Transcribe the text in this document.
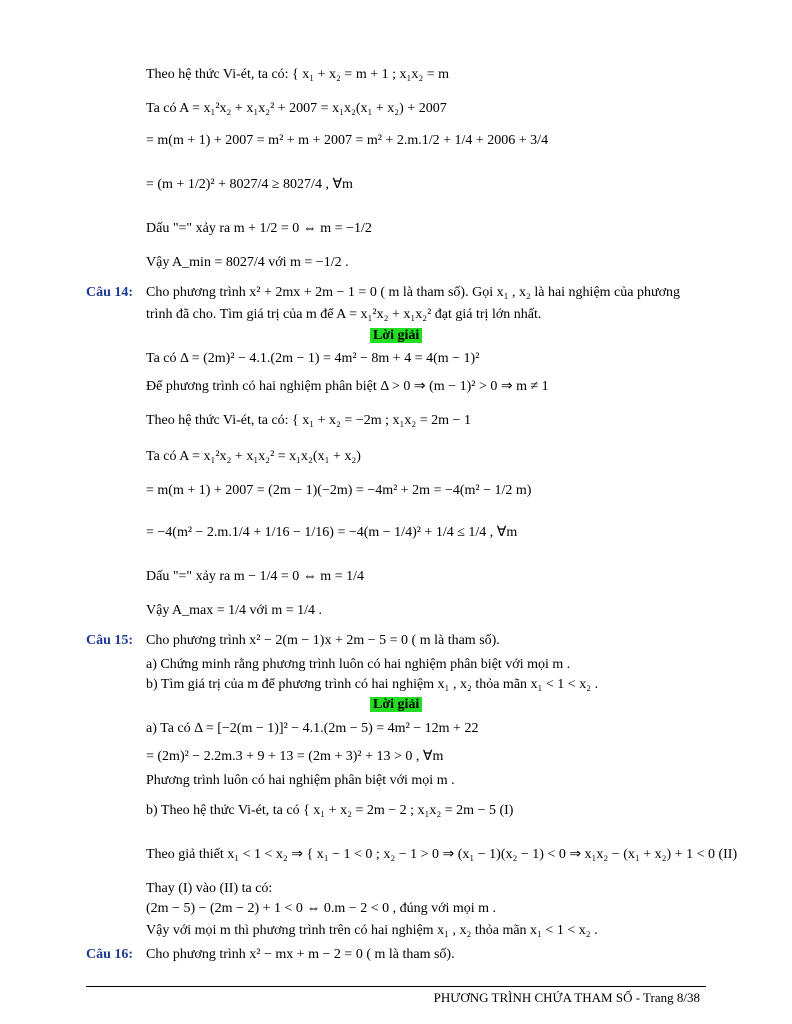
Theo hệ thức Vi-ét, ta có: { x₁ + x₂ = m + 1 ; x₁x₂ = m
Ta có A = x₁²x₂ + x₁x₂² + 2007 = x₁x₂(x₁ + x₂) + 2007
= m(m + 1) + 2007 = m² + m + 2007 = m² + 2.m.1/2 + 1/4 + 2006 + 3/4
= (m + 1/2)² + 8027/4 ≥ 8027/4 , ∀m
Dấu "=" xảy ra m + 1/2 = 0 ⇔ m = −1/2
Vậy A_min = 8027/4 với m = −1/2 .
Câu 14: Cho phương trình x² + 2mx + 2m − 1 = 0 ( m là tham số). Gọi x₁ , x₂ là hai nghiệm của phương
trình đã cho. Tìm giá trị của m để A = x₁²x₂ + x₁x₂² đạt giá trị lớn nhất.
Lời giải
Ta có Δ = (2m)² − 4.1.(2m − 1) = 4m² − 8m + 4 = 4(m − 1)²
Để phương trình có hai nghiệm phân biệt Δ > 0 ⇒ (m − 1)² > 0 ⇒ m ≠ 1
Theo hệ thức Vi-ét, ta có: { x₁ + x₂ = −2m ; x₁x₂ = 2m − 1
Ta có A = x₁²x₂ + x₁x₂² = x₁x₂(x₁ + x₂)
= m(m + 1) + 2007 = (2m − 1)(−2m) = −4m² + 2m = −4(m² − 1/2 m)
= −4(m² − 2.m.1/4 + 1/16 − 1/16) = −4(m − 1/4)² + 1/4 ≤ 1/4 , ∀m
Dấu "=" xảy ra m − 1/4 = 0 ⇔ m = 1/4
Vậy A_max = 1/4 với m = 1/4 .
Câu 15: Cho phương trình x² − 2(m − 1)x + 2m − 5 = 0 ( m là tham số).
a) Chứng minh rằng phương trình luôn có hai nghiệm phân biệt với mọi m .
b) Tìm giá trị của m để phương trình có hai nghiệm x₁ , x₂ thỏa mãn x₁ < 1 < x₂ .
Lời giải
a) Ta có Δ = [−2(m − 1)]² − 4.1.(2m − 5) = 4m² − 12m + 22
= (2m)² − 2.2m.3 + 9 + 13 = (2m + 3)² + 13 > 0 , ∀m
Phương trình luôn có hai nghiệm phân biệt với mọi m .
b) Theo hệ thức Vi-ét, ta có { x₁ + x₂ = 2m − 2 ; x₁x₂ = 2m − 5 (I)
Theo giả thiết x₁ < 1 < x₂ ⇒ { x₁ − 1 < 0 ; x₂ − 1 > 0 ⇒ (x₁ − 1)(x₂ − 1) < 0 ⇒ x₁x₂ − (x₁ + x₂) + 1 < 0 (II)
Thay (I) vào (II) ta có:
(2m − 5) − (2m − 2) + 1 < 0 ⇔ 0.m − 2 < 0 , đúng với mọi m .
Vậy với mọi m thì phương trình trên có hai nghiệm x₁ , x₂ thỏa mãn x₁ < 1 < x₂ .
Câu 16: Cho phương trình x² − mx + m − 2 = 0 ( m là tham số).
PHƯƠNG TRÌNH CHỨA THAM SỐ - Trang 8/38
